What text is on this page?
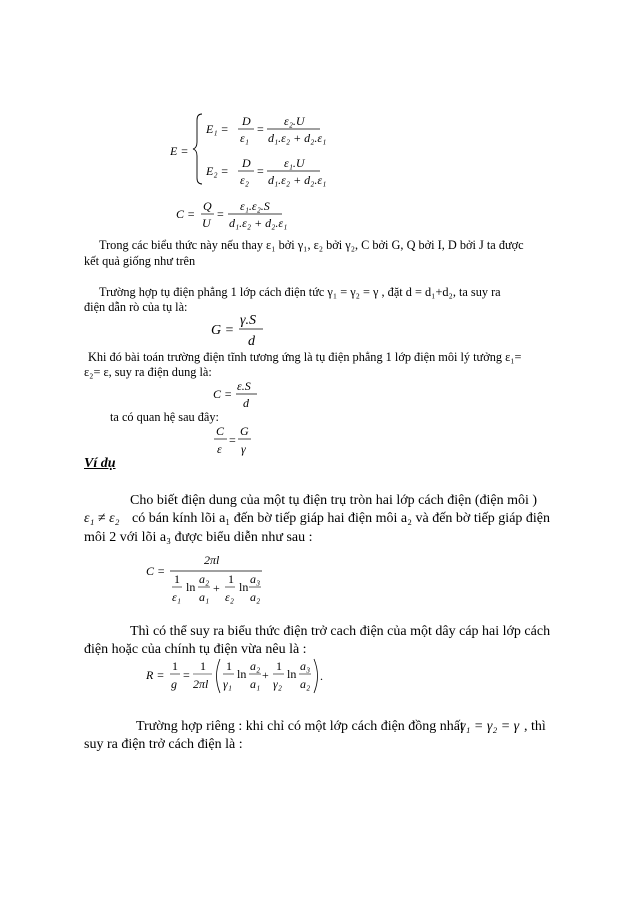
E =
E₁ =
D
ε₁
=
ε₂.U
d₁.ε₂ + d₂.ε₁
E₂ =
D
ε₂
=
ε₁.U
d₁.ε₂ + d₂.ε₁
C =
Q
U
=
ε₁.ε₂.S
d₁.ε₂ + d₂.ε₁
Trong các biểu thức này nếu thay ε₁ bởi γ₁, ε₂ bởi γ₂, C bởi G, Q bởi I, D bởi J ta được
kết quả giống như trên
Trường hợp tụ điện phẳng 1 lớp cách điện tức γ₁ = γ₂ = γ , đặt d = d₁+d₂, ta suy ra
điện dẫn rò của tụ là:
G =
γ.S
d
Khi đó bài toán trường điện tĩnh tương ứng là tụ điện phẳng 1 lớp điện môi lý tưởng ε₁=
ε₂= ε, suy ra điện dung là:
C =
ε.S
d
ta có quan hệ sau đây:
C
ε
=
G
γ
Ví dụ
Cho biết điện dung của một tụ điện trụ tròn hai lớp cách điện (điện môi )
ε₁ ≠ ε₂ có bán kính lõi a₁ đến bờ tiếp giáp hai điện môi a₂ và đến bờ tiếp giáp điện
môi 2 với lõi a₃ được biểu diễn như sau :
C =
2πl
1
ε₁
ln
a₂
a₁
+
1
ε₂
ln
a₃
a₂
Thì có thể suy ra biểu thức điện trở cach điện của một dây cáp hai lớp cách
điện hoặc của chính tụ điện vừa nêu là :
R =
1
g
=
1
2πl
1
γ₁
ln
a₂
a₁
+
1
γ₂
ln
a₃
a₂
.
Trường hợp riêng : khi chỉ có một lớp cách điện đồng nhất
γ₁ = γ₂ = γ , thì
suy ra điện trở cách điện là :
